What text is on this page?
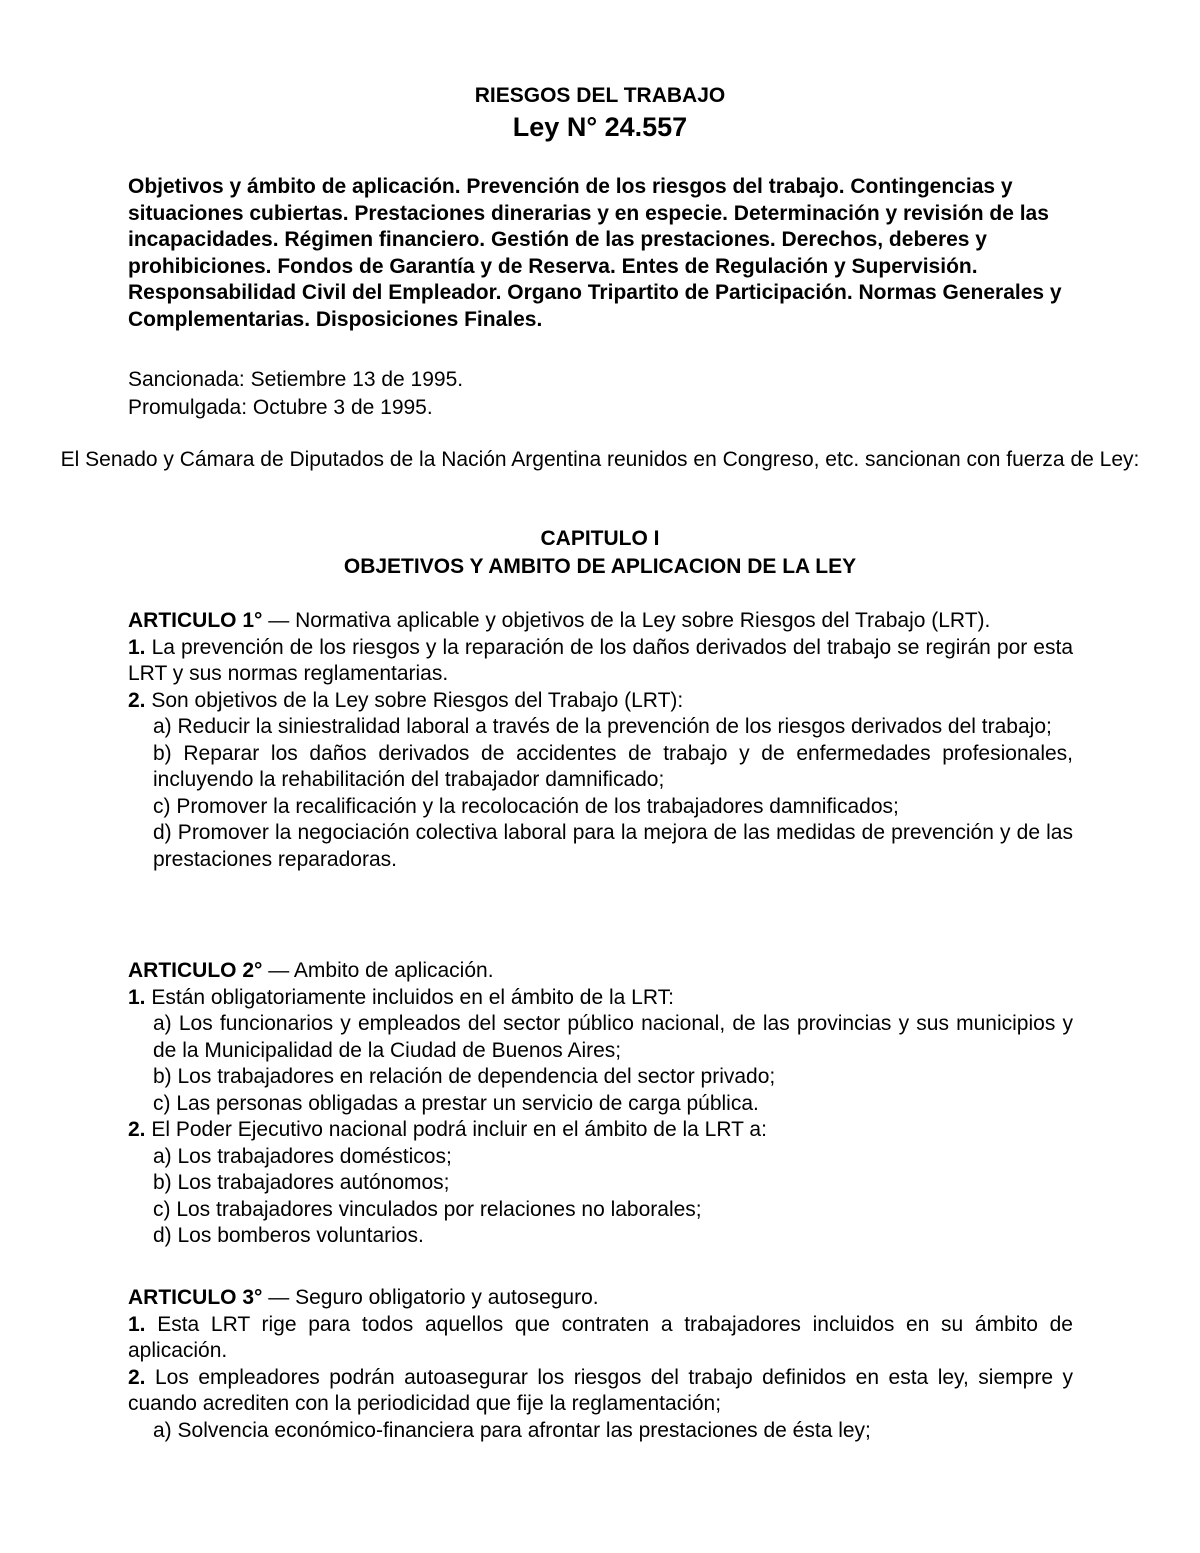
RIESGOS DEL TRABAJO
Ley N° 24.557
Objetivos y ámbito de aplicación. Prevención de los riesgos del trabajo. Contingencias y situaciones cubiertas. Prestaciones dinerarias y en especie. Determinación y revisión de las incapacidades. Régimen financiero. Gestión de las prestaciones. Derechos, deberes y prohibiciones. Fondos de Garantía y de Reserva. Entes de Regulación y Supervisión. Responsabilidad Civil del Empleador. Organo Tripartito de Participación. Normas Generales y Complementarias. Disposiciones Finales.
Sancionada: Setiembre 13 de 1995.
Promulgada: Octubre 3 de 1995.
El Senado y Cámara de Diputados de la Nación Argentina reunidos en Congreso, etc. sancionan con fuerza de Ley:
CAPITULO I
OBJETIVOS Y AMBITO DE APLICACION DE LA LEY

ARTICULO 1° — Normativa aplicable y objetivos de la Ley sobre Riesgos del Trabajo (LRT).

1. La prevención de los riesgos y la reparación de los daños derivados del trabajo se regirán por esta LRT y sus normas reglamentarias.

2. Son objetivos de la Ley sobre Riesgos del Trabajo (LRT):

a) Reducir la siniestralidad laboral a través de la prevención de los riesgos derivados del trabajo;

b) Reparar los daños derivados de accidentes de trabajo y de enfermedades profesionales, incluyendo la rehabilitación del trabajador damnificado;

c) Promover la recalificación y la recolocación de los trabajadores damnificados;

d) Promover la negociación colectiva laboral para la mejora de las medidas de prevención y de las prestaciones reparadoras.

ARTICULO 2° — Ambito de aplicación.

1. Están obligatoriamente incluidos en el ámbito de la LRT:

a) Los funcionarios y empleados del sector público nacional, de las provincias y sus municipios y de la Municipalidad de la Ciudad de Buenos Aires;

b) Los trabajadores en relación de dependencia del sector privado;

c) Las personas obligadas a prestar un servicio de carga pública.

2. El Poder Ejecutivo nacional podrá incluir en el ámbito de la LRT a:

a) Los trabajadores domésticos;

b) Los trabajadores autónomos;

c) Los trabajadores vinculados por relaciones no laborales;

d) Los bomberos voluntarios.

ARTICULO 3° — Seguro obligatorio y autoseguro.

1. Esta LRT rige para todos aquellos que contraten a trabajadores incluidos en su ámbito de aplicación.

2. Los empleadores podrán autoasegurar los riesgos del trabajo definidos en esta ley, siempre y cuando acrediten con la periodicidad que fije la reglamentación;

a) Solvencia económico-financiera para afrontar las prestaciones de ésta ley;
